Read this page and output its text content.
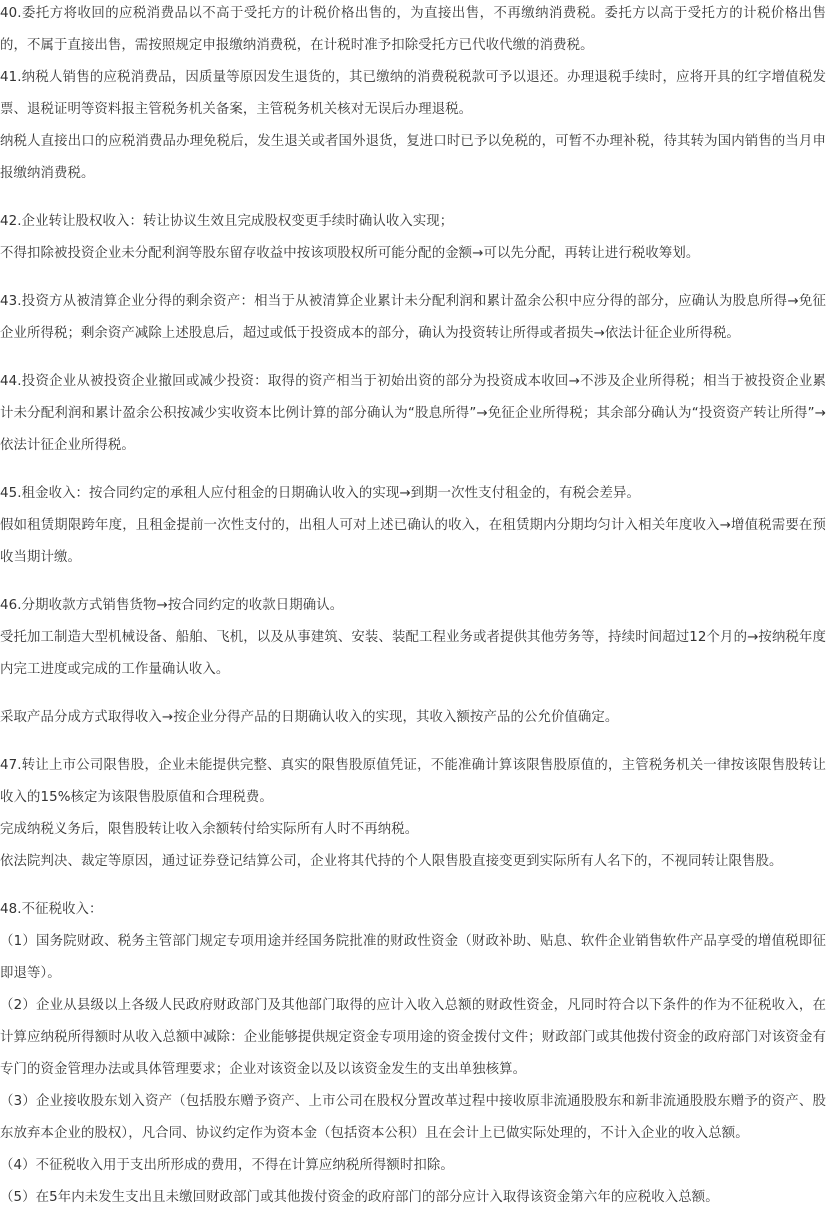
40.委托方将收回的应税消费品以不高于受托方的计税价格出售的，为直接出售，不再缴纳消费税。委托方以高于受托方的计税价格出售的，不属于直接出售，需按照规定申报缴纳消费税，在计税时准予扣除受托方已代收代缴的消费税。

41.纳税人销售的应税消费品，因质量等原因发生退货的，其已缴纳的消费税税款可予以退还。办理退税手续时，应将开具的红字增值税发票、退税证明等资料报主管税务机关备案，主管税务机关核对无误后办理退税。

纳税人直接出口的应税消费品办理免税后，发生退关或者国外退货，复进口时已予以免税的，可暂不办理补税，待其转为国内销售的当月申报缴纳消费税。

42.企业转让股权收入：转让协议生效且完成股权变更手续时确认收入实现；

不得扣除被投资企业未分配利润等股东留存收益中按该项股权所可能分配的金额→可以先分配，再转让进行税收筹划。

43.投资方从被清算企业分得的剩余资产：相当于从被清算企业累计未分配利润和累计盈余公积中应分得的部分，应确认为股息所得→免征企业所得税；剩余资产减除上述股息后，超过或低于投资成本的部分，确认为投资转让所得或者损失→依法计征企业所得税。

44.投资企业从被投资企业撤回或减少投资：取得的资产相当于初始出资的部分为投资成本收回→不涉及企业所得税；相当于被投资企业累计未分配利润和累计盈余公积按减少实收资本比例计算的部分确认为“股息所得”→免征企业所得税；其余部分确认为“投资资产转让所得”→依法计征企业所得税。

45.租金收入：按合同约定的承租人应付租金的日期确认收入的实现→到期一次性支付租金的，有税会差异。

假如租赁期限跨年度，且租金提前一次性支付的，出租人可对上述已确认的收入，在租赁期内分期均匀计入相关年度收入→增值税需要在预收当期计缴。

46.分期收款方式销售货物→按合同约定的收款日期确认。

受托加工制造大型机械设备、船舶、飞机，以及从事建筑、安装、装配工程业务或者提供其他劳务等，持续时间超过12个月的→按纳税年度内完工进度或完成的工作量确认收入。

采取产品分成方式取得收入→按企业分得产品的日期确认收入的实现，其收入额按产品的公允价值确定。

47.转让上市公司限售股，企业未能提供完整、真实的限售股原值凭证，不能准确计算该限售股原值的，主管税务机关一律按该限售股转让收入的15%核定为该限售股原值和合理税费。

完成纳税义务后，限售股转让收入余额转付给实际所有人时不再纳税。

依法院判决、裁定等原因，通过证券登记结算公司，企业将其代持的个人限售股直接变更到实际所有人名下的，不视同转让限售股。

48.不征税收入：

（1）国务院财政、税务主管部门规定专项用途并经国务院批准的财政性资金（财政补助、贴息、软件企业销售软件产品享受的增值税即征即退等）。

（2）企业从县级以上各级人民政府财政部门及其他部门取得的应计入收入总额的财政性资金，凡同时符合以下条件的作为不征税收入，在计算应纳税所得额时从收入总额中减除：企业能够提供规定资金专项用途的资金拨付文件；财政部门或其他拨付资金的政府部门对该资金有专门的资金管理办法或具体管理要求；企业对该资金以及以该资金发生的支出单独核算。

（3）企业接收股东划入资产（包括股东赠予资产、上市公司在股权分置改革过程中接收原非流通股股东和新非流通股股东赠予的资产、股东放弃本企业的股权），凡合同、协议约定作为资本金（包括资本公积）且在会计上已做实际处理的，不计入企业的收入总额。

（4）不征税收入用于支出所形成的费用，不得在计算应纳税所得额时扣除。

（5）在5年内未发生支出且未缴回财政部门或其他拨付资金的政府部门的部分应计入取得该资金第六年的应税收入总额。
